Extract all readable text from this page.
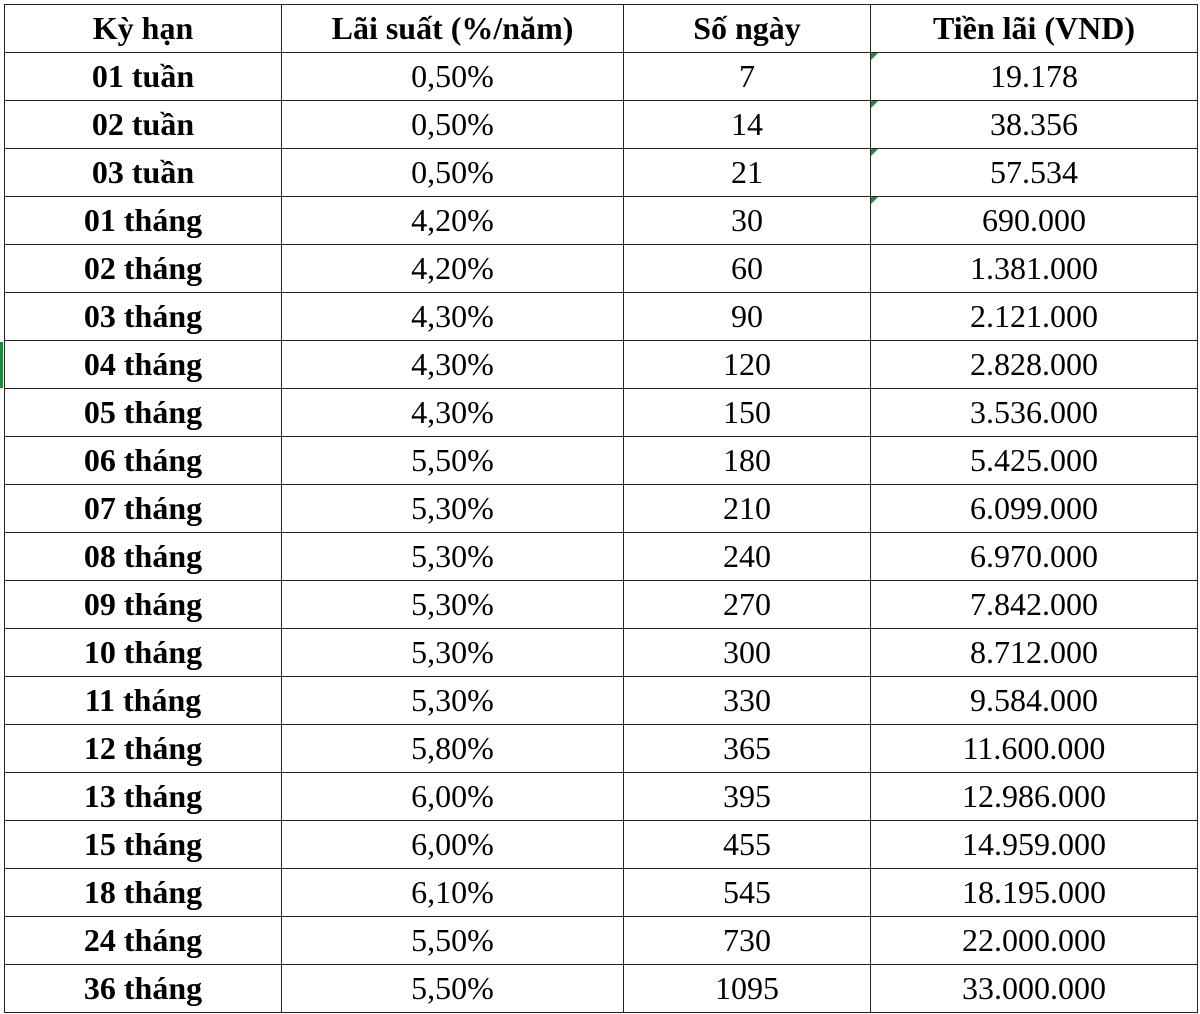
Kỳ hạn	Lãi suất (%/năm)	Số ngày	Tiền lãi (VND)
01 tuần	0,50%	7	19.178

02 tuần	0,50%	14	38.356

03 tuần	0,50%	21	57.534

01 tháng	4,20%	30	690.000

02 tháng	4,20%	60	1.381.000
03 tháng	4,30%	90	2.121.000
04 tháng	4,30%	120	2.828.000
05 tháng	4,30%	150	3.536.000
06 tháng	5,50%	180	5.425.000
07 tháng	5,30%	210	6.099.000
08 tháng	5,30%	240	6.970.000
09 tháng	5,30%	270	7.842.000
10 tháng	5,30%	300	8.712.000
11 tháng	5,30%	330	9.584.000
12 tháng	5,80%	365	11.600.000
13 tháng	6,00%	395	12.986.000
15 tháng	6,00%	455	14.959.000
18 tháng	6,10%	545	18.195.000
24 tháng	5,50%	730	22.000.000
36 tháng	5,50%	1095	33.000.000
